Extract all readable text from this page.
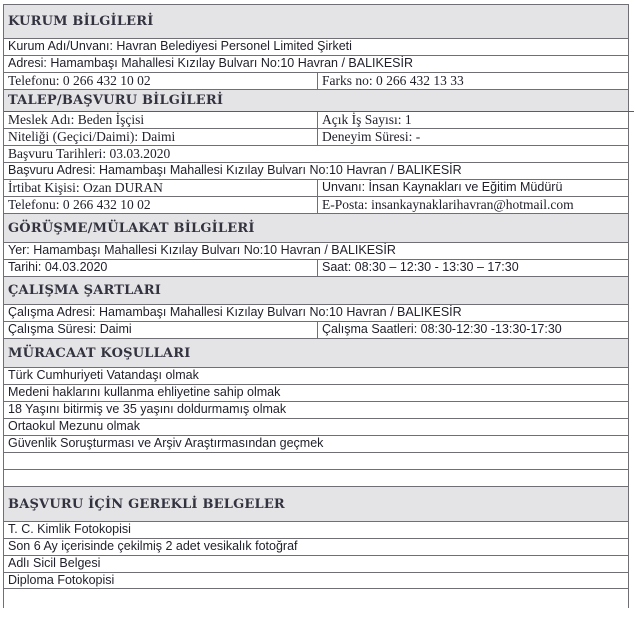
KURUM BİLGİLERİ
Kurum Adı/Unvanı: Havran Belediyesi Personel Limited Şirketi
Adresi: Hamambaşı Mahallesi Kızılay Bulvarı No:10 Havran / BALIKESİR
Telefonu: 0 266 432 10 02	Farks no: 0 266 432 13 33
TALEP/BAŞVURU BİLGİLERİ
Meslek Adı: Beden İşçisi	Açık İş Sayısı: 1
Niteliği (Geçici/Daimi): Daimi	Deneyim Süresi: -
Başvuru Tarihleri: 03.03.2020
Başvuru Adresi: Hamambaşı Mahallesi Kızılay Bulvarı No:10 Havran / BALIKESİR
İrtibat Kişisi: Ozan DURAN	Unvanı: İnsan Kaynakları ve Eğitim Müdürü
Telefonu: 0 266 432 10 02	E-Posta: insankaynaklarihavran@hotmail.com
GÖRÜŞME/MÜLAKAT BİLGİLERİ
Yer: Hamambaşı Mahallesi Kızılay Bulvarı No:10 Havran / BALIKESİR
Tarihi: 04.03.2020	Saat: 08:30 – 12:30 - 13:30 – 17:30
ÇALIŞMA ŞARTLARI
Çalışma Adresi: Hamambaşı Mahallesi Kızılay Bulvarı No:10 Havran / BALIKESİR
Çalışma Süresi: Daimi	Çalışma Saatleri: 08:30-12:30 -13:30-17:30
MÜRACAAT KOŞULLARI
Türk Cumhuriyeti Vatandaşı olmak
Medeni haklarını kullanma ehliyetine sahip olmak
18 Yaşını bitirmiş ve 35 yaşını doldurmamış olmak
Ortaokul Mezunu olmak
Güvenlik Soruşturması ve Arşiv Araştırmasından geçmek
BAŞVURU İÇİN GEREKLİ BELGELER
T. C. Kimlik Fotokopisi
Son 6 Ay içerisinde çekilmiş 2 adet vesikalık fotoğraf
Adlı Sicil Belgesi
Diploma Fotokopisi
